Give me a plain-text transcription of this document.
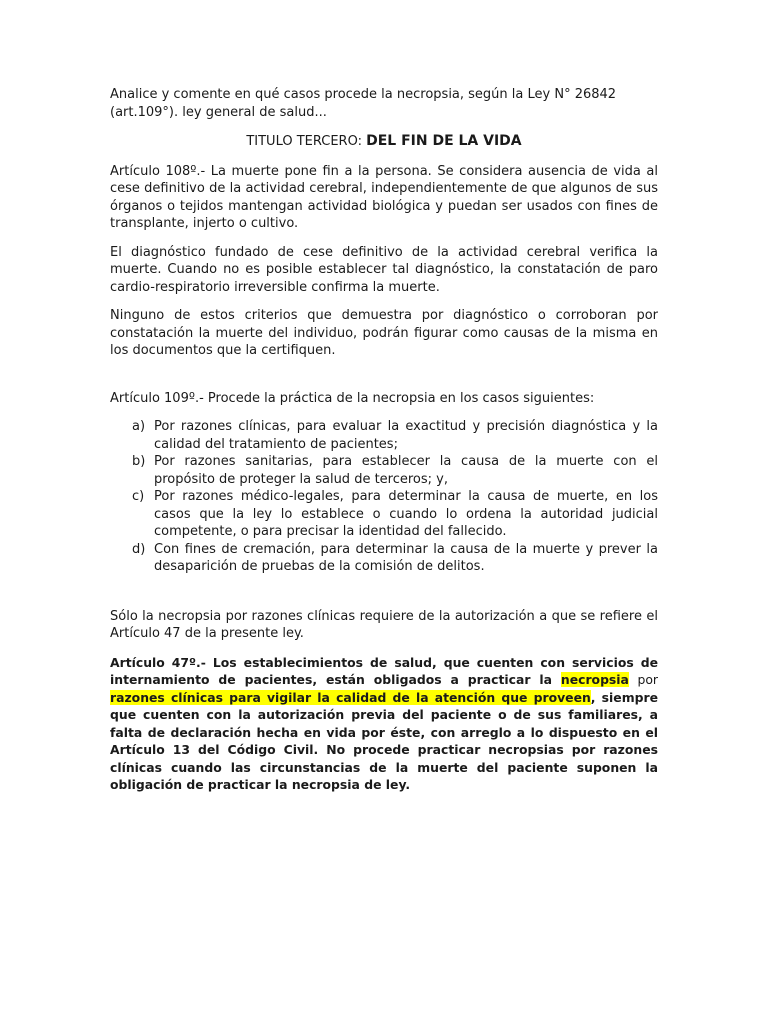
Analice y comente en qué casos procede la necropsia, según la Ley N° 26842 (art.109°). ley general de salud...

TITULO TERCERO: DEL FIN DE LA VIDA

Artículo 108º.- La muerte pone fin a la persona. Se considera ausencia de vida al cese definitivo de la actividad cerebral, independientemente de que algunos de sus órganos o tejidos mantengan actividad biológica y puedan ser usados con fines de transplante, injerto o cultivo.

El diagnóstico fundado de cese definitivo de la actividad cerebral verifica la muerte. Cuando no es posible establecer tal diagnóstico, la constatación de paro cardio-respiratorio irreversible confirma la muerte.

Ninguno de estos criterios que demuestra por diagnóstico o corroboran por constatación la muerte del individuo, podrán figurar como causas de la misma en los documentos que la certifiquen.

Artículo 109º.- Procede la práctica de la necropsia en los casos siguientes:

a) Por razones clínicas, para evaluar la exactitud y precisión diagnóstica y la calidad del tratamiento de pacientes;
b) Por razones sanitarias, para establecer la causa de la muerte con el propósito de proteger la salud de terceros; y,
c) Por razones médico-legales, para determinar la causa de muerte, en los casos que la ley lo establece o cuando lo ordena la autoridad judicial competente, o para precisar la identidad del fallecido.
d) Con fines de cremación, para determinar la causa de la muerte y prever la desaparición de pruebas de la comisión de delitos.

Sólo la necropsia por razones clínicas requiere de la autorización a que se refiere el Artículo 47 de la presente ley.

Artículo 47º.- Los establecimientos de salud, que cuenten con servicios de internamiento de pacientes, están obligados a practicar la necropsia por razones clínicas para vigilar la calidad de la atención que proveen, siempre que cuenten con la autorización previa del paciente o de sus familiares, a falta de declaración hecha en vida por éste, con arreglo a lo dispuesto en el Artículo 13 del Código Civil. No procede practicar necropsias por razones clínicas cuando las circunstancias de la muerte del paciente suponen la obligación de practicar la necropsia de ley.
